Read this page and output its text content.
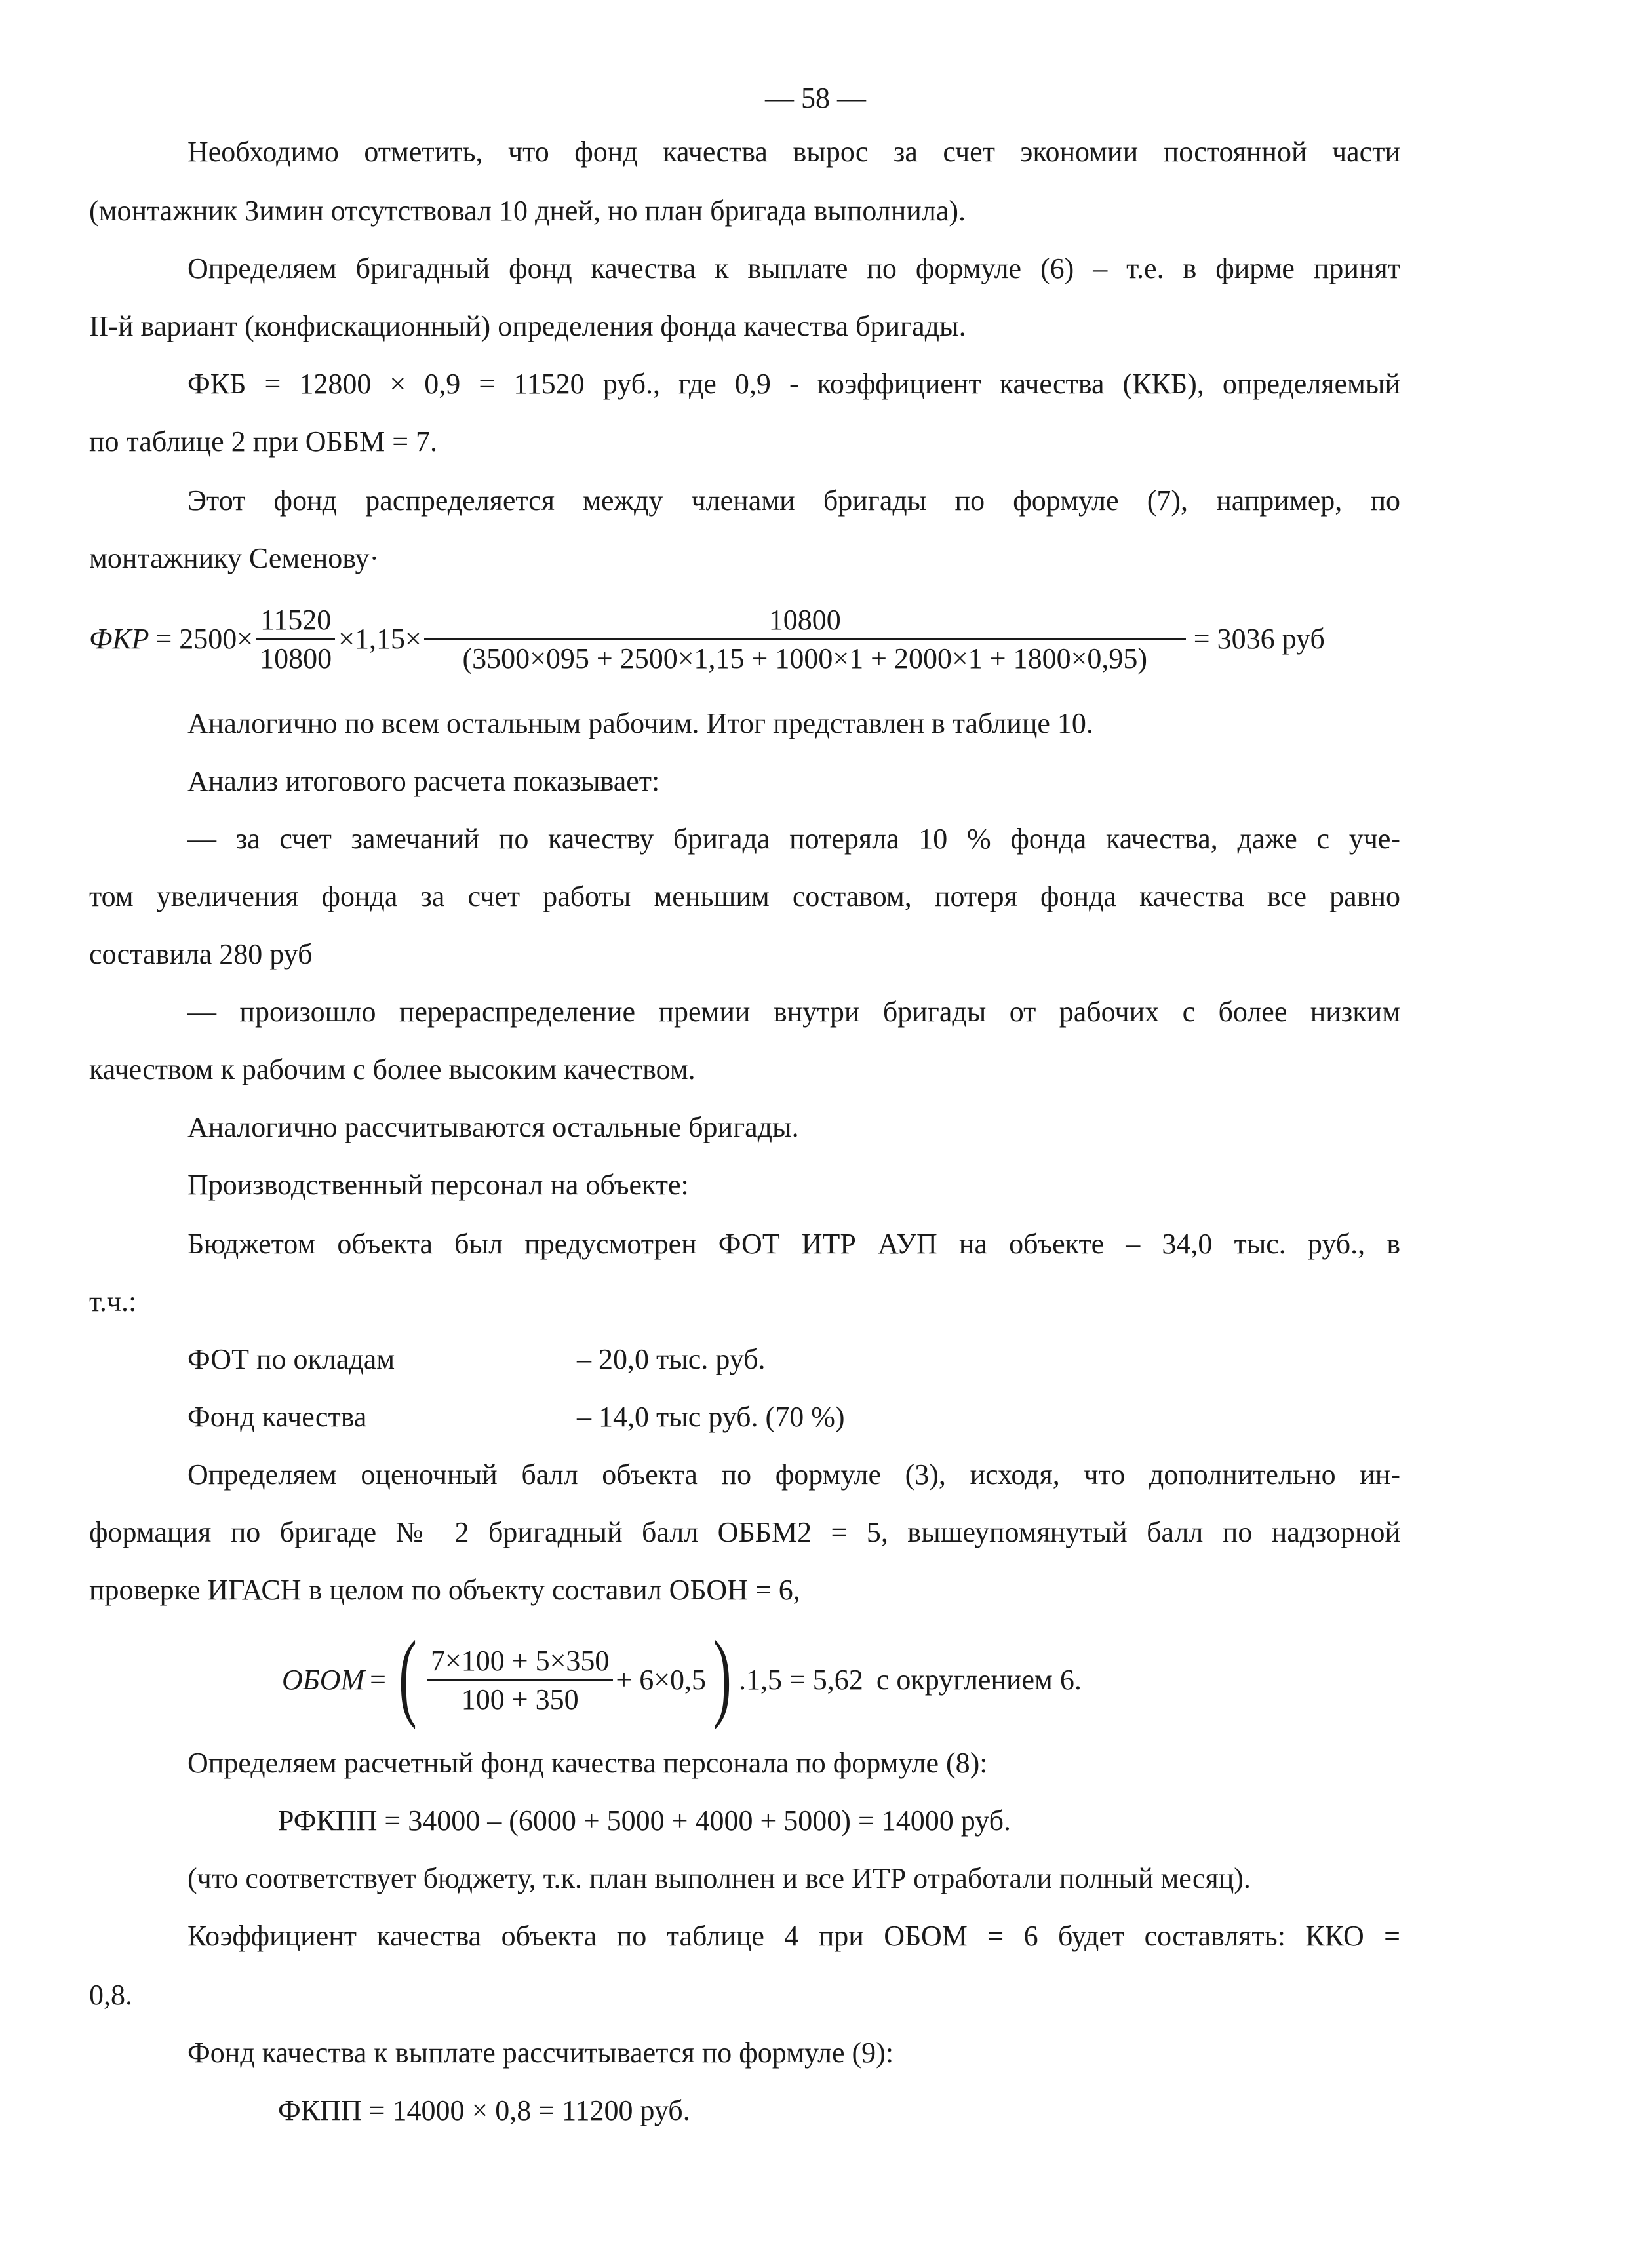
— 58 —
Необходимо отметить, что фонд качества вырос за счет экономии постоянной части
(монтажник Зимин отсутствовал 10 дней, но план бригада выполнила).
Определяем бригадный фонд качества к выплате по формуле (6) – т.е. в фирме принят
II-й вариант (конфискационный) определения фонда качества бригады.
ФКБ = 12800 × 0,9 = 11520 руб., где 0,9 - коэффициент качества (ККБ), определяемый
по таблице 2 при ОББМ = 7.
Этот фонд распределяется между членами бригады по формуле (7), например, по
монтажнику Семенову·
ФКР = $2500\times \frac{11520}{10800} \times 1,15\times \frac{10800}{(3500\times 095 + 2500\times 1,15 + 1000\times 1 + 2000\times 1 + 1800\times 0,95)} = 3036$ руб
Аналогично по всем остальным рабочим. Итог представлен в таблице 10.
Анализ итогового расчета показывает:
— за счет замечаний по качеству бригада потеряла 10 % фонда качества, даже с уче-
том увеличения фонда за счет работы меньшим составом, потеря фонда качества все равно
составила 280 руб
— произошло перераспределение премии внутри бригады от рабочих с более низким
качеством к рабочим с более высоким качеством.
Аналогично рассчитываются остальные бригады.
Производственный персонал на объекте:
Бюджетом объекта был предусмотрен ФОТ ИТР АУП на объекте – 34,0 тыс. руб., в
т.ч.:
ФОТ по окладам	– 20,0 тыс. руб.
Фонд качества	– 14,0 тыс руб. (70 %)
Определяем оценочный балл объекта по формуле (3), исходя, что дополнительно ин-
формация по бригаде № 2 бригадный балл ОББМ2 = 5, вышеупомянутый балл по надзорной
проверке ИГАСН в целом по объекту составил ОБОН = 6,
ОБОМ = ( $\frac{7\times 100 + 5\times 350}{100 + 350} + 6\times 0,5$ ) .1,5 = 5,62 с округлением 6.
Определяем расчетный фонд качества персонала по формуле (8):
РФКПП = 34000 – (6000 + 5000 + 4000 + 5000) = 14000 руб.
(что соответствует бюджету, т.к. план выполнен и все ИТР отработали полный месяц).
Коэффициент качества объекта по таблице 4 при ОБОМ = 6 будет составлять: ККО =
0,8.
Фонд качества к выплате рассчитывается по формуле (9):
ФКПП = 14000 × 0,8 = 11200 руб.
